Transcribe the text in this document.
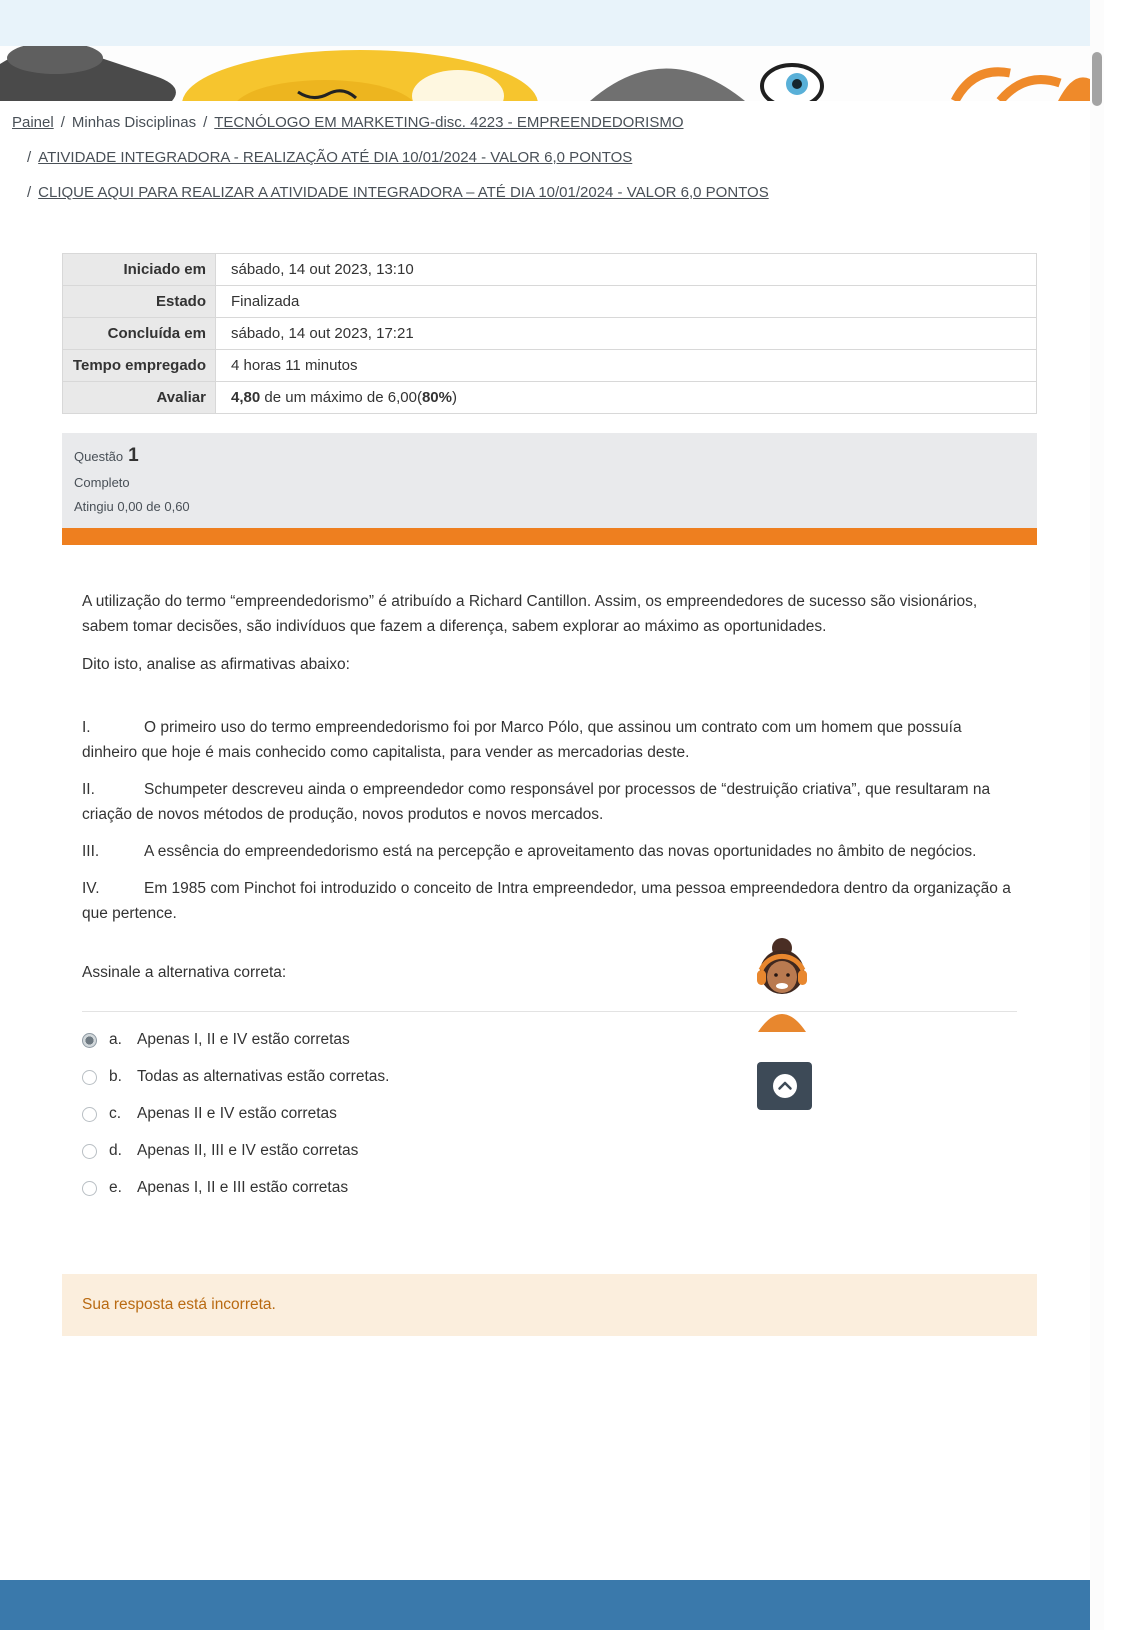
Painel / Minhas Disciplinas / TECNÓLOGO EM MARKETING-disc. 4223 - EMPREENDEDORISMO
/ ATIVIDADE INTEGRADORA - REALIZAÇÃO ATÉ DIA 10/01/2024 - VALOR 6,0 PONTOS
/ CLIQUE AQUI PARA REALIZAR A ATIVIDADE INTEGRADORA – ATÉ DIA 10/01/2024 - VALOR 6,0 PONTOS
Iniciado em	sábado, 14 out 2023, 13:10
Estado	Finalizada
Concluída em	sábado, 14 out 2023, 17:21
Tempo empregado	4 horas 11 minutos
Avaliar	4,80 de um máximo de 6,00(80%)
Questão 1
Completo
Atingiu 0,00 de 0,60

A utilização do termo “empreendedorismo” é atribuído a Richard Cantillon. Assim, os empreendedores de sucesso são visionários, sabem tomar decisões, são indivíduos que fazem a diferença, sabem explorar ao máximo as oportunidades.

Dito isto, analise as afirmativas abaixo:

I.	O primeiro uso do termo empreendedorismo foi por Marco Pólo, que assinou um contrato com um homem que possuía dinheiro que hoje é mais conhecido como capitalista, para vender as mercadorias deste.

II.	Schumpeter descreveu ainda o empreendedor como responsável por processos de “destruição criativa”, que resultaram na criação de novos métodos de produção, novos produtos e novos mercados.

III.	A essência do empreendedorismo está na percepção e aproveitamento das novas oportunidades no âmbito de negócios.

IV.	Em 1985 com Pinchot foi introduzido o conceito de Intra empreendedor, uma pessoa empreendedora dentro da organização a que pertence.

Assinale a alternativa correta:

a. Apenas I, II e IV estão corretas
b. Todas as alternativas estão corretas.
c.	Apenas II e IV estão corretas
d. Apenas II, III e IV estão corretas
e. Apenas I, II e III estão corretas
Sua resposta está incorreta.
